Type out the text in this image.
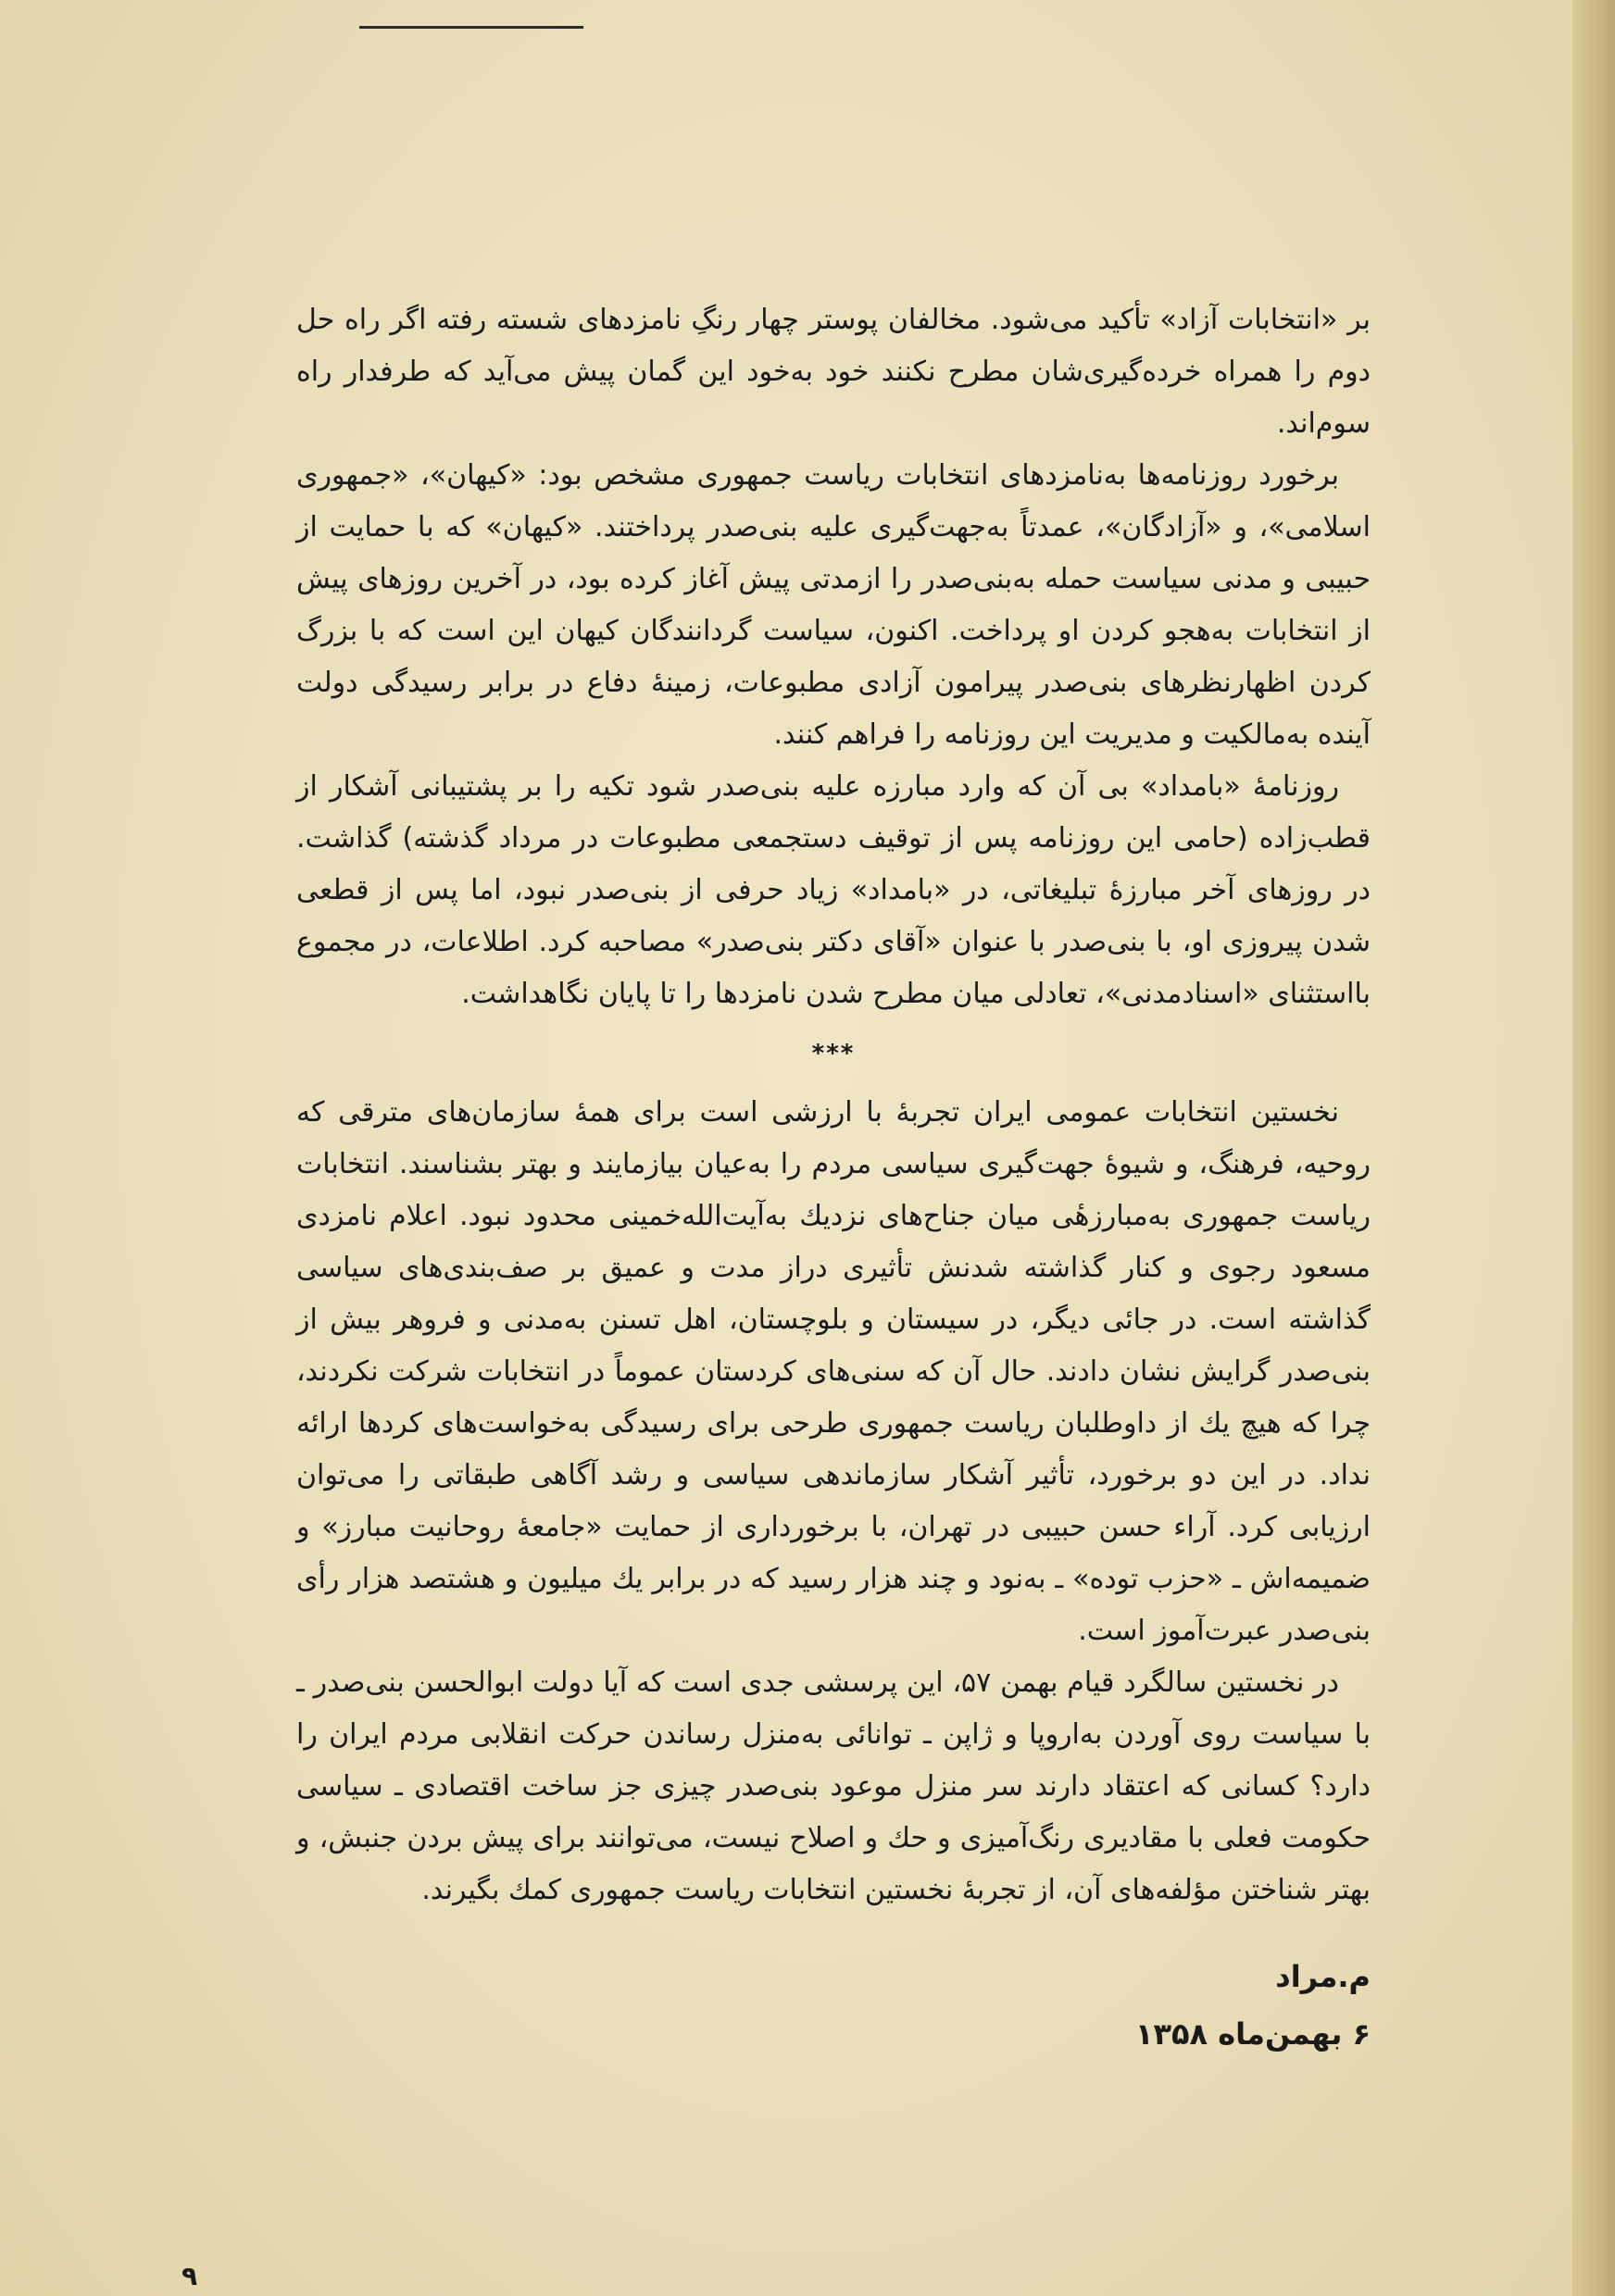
بر «انتخابات آزاد» تأکید می‌شود. مخالفان پوستر چهار رنگِ نامزدهای شسته رفته اگر راه حل دوم را همراه خرده‌گیری‌شان مطرح نکنند خود به‌خود این گمان پیش می‌آید که طرفدار راه سوم‌اند.

برخورد روزنامه‌ها به‌نامزدهای انتخابات ریاست جمهوری مشخص بود: «کیهان»، «جمهوری اسلامی»، و «آزادگان»، عمدتاً به‌جهت‌گیری علیه بنی‌صدر پرداختند. «کیهان» که با حمایت از حبیبی و مدنی سیاست حمله به‌بنی‌صدر را ازمدتی پیش آغاز کرده بود، در آخرین روزهای پیش از انتخابات به‌هجو کردن او پرداخت. اکنون، سیاست گردانندگان کیهان این است که با بزرگ کردن اظهارنظرهای بنی‌صدر پیرامون آزادی مطبوعات، زمینهٔ دفاع در برابر رسیدگی دولت آینده به‌مالکیت و مدیریت این روزنامه را فراهم کنند.

روزنامهٔ «بامداد» بی آن که وارد مبارزه علیه بنی‌صدر شود تکیه را بر پشتیبانی آشکار از قطب‌زاده (حامی این روزنامه پس از توقیف دستجمعی مطبوعات در مرداد گذشته) گذاشت. در روزهای آخر مبارزهٔ تبلیغاتی، در «بامداد» زیاد حرفی از بنی‌صدر نبود، اما پس از قطعی شدن پیروزی او، با بنی‌صدر با عنوان «آقای دکتر بنی‌صدر» مصاحبه کرد. اطلاعات، در مجموع بااستثنای «اسنادمدنی»، تعادلی میان مطرح شدن نامزدها را تا پایان نگاهداشت.

***

نخستین انتخابات عمومی ایران تجربهٔ با ارزشی است برای همهٔ سازمان‌های مترقی که روحیه، فرهنگ، و شیوهٔ جهت‌گیری سیاسی مردم را به‌عیان بیازمایند و بهتر بشناسند. انتخابات ریاست جمهوری به‌مبارزهٔی میان جناح‌های نزدیك به‌آیت‌الله‌خمینی محدود نبود. اعلام نامزدی مسعود رجوی و کنار گذاشته شدنش تأثیری دراز مدت و عمیق بر صف‌بندی‌های سیاسی گذاشته است. در جائی دیگر، در سیستان و بلوچستان، اهل تسنن به‌مدنی و فروهر بیش از بنی‌صدر گرایش نشان دادند. حال آن که سنی‌های کردستان عموماً در انتخابات شرکت نکردند، چرا که هیچ یك از داوطلبان ریاست جمهوری طرحی برای رسیدگی به‌خواست‌های کردها ارائه نداد. در این دو برخورد، تأثیر آشکار سازماندهی سیاسی و رشد آگاهی طبقاتی را می‌توان ارزیابی کرد. آراء حسن حبیبی در تهران، با برخورداری از حمایت «جامعهٔ روحانیت مبارز» و ضمیمه‌اش ـ «حزب توده» ـ به‌نود و چند هزار رسید که در برابر یك میلیون و هشتصد هزار رأی بنی‌صدر عبرت‌آموز است.

در نخستین سالگرد قیام بهمن ۵۷، این پرسشی جدی است که آیا دولت ابوالحسن بنی‌صدر ـ با سیاست روی آوردن به‌اروپا و ژاپن ـ توانائی به‌منزل رساندن حرکت انقلابی مردم ایران را دارد؟ کسانی که اعتقاد دارند سر منزل موعود بنی‌صدر چیزی جز ساخت اقتصادی ـ سیاسی حکومت فعلی با مقادیری رنگ‌آمیزی و حك و اصلاح نیست، می‌توانند برای پیش بردن جنبش، و بهتر شناختن مؤلفه‌های آن، از تجربهٔ نخستین انتخابات ریاست جمهوری کمك بگیرند.

م.مراد
۶ بهمن‌ماه ۱۳۵۸
۹
